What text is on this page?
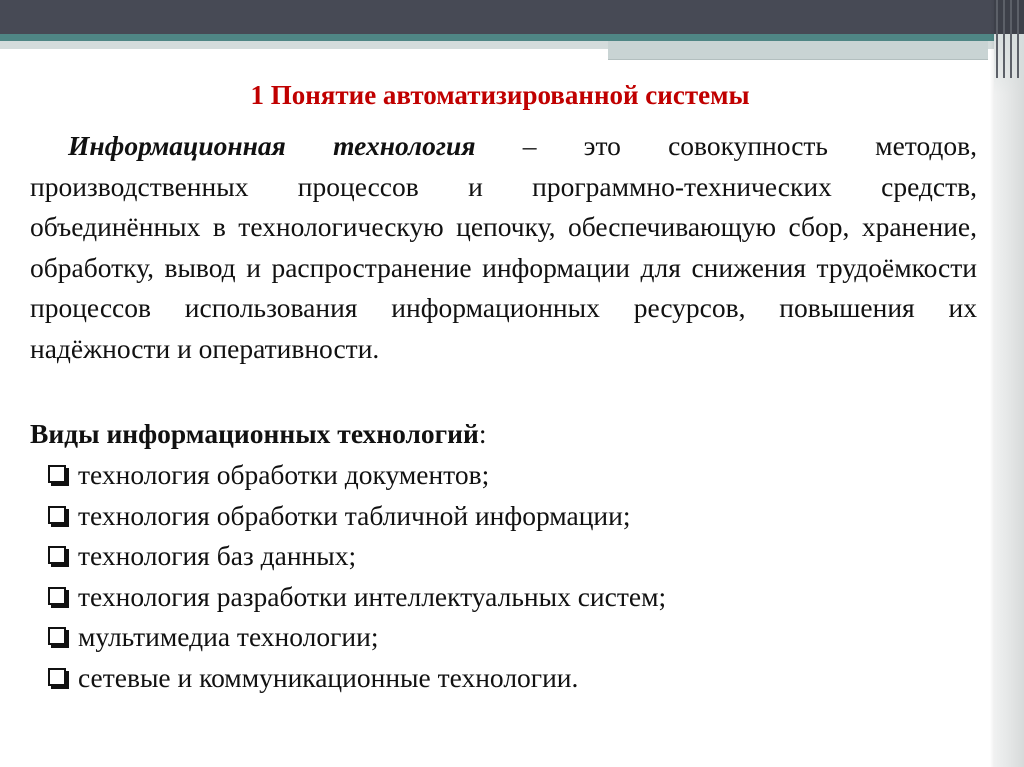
1 Понятие автоматизированной системы

Информационная технология – это совокупность методов, производственных процессов и программно-технических средств, объединённых в технологическую цепочку, обеспечивающую сбор, хранение, обработку, вывод и распространение информации для снижения трудоёмкости процессов использования информационных ресурсов, повышения их надёжности и оперативности.

Виды информационных технологий:

технология обработки документов;
технология обработки табличной информации;
технология баз данных;
технология разработки интеллектуальных систем;
мультимедиа технологии;
сетевые и коммуникационные технологии.
